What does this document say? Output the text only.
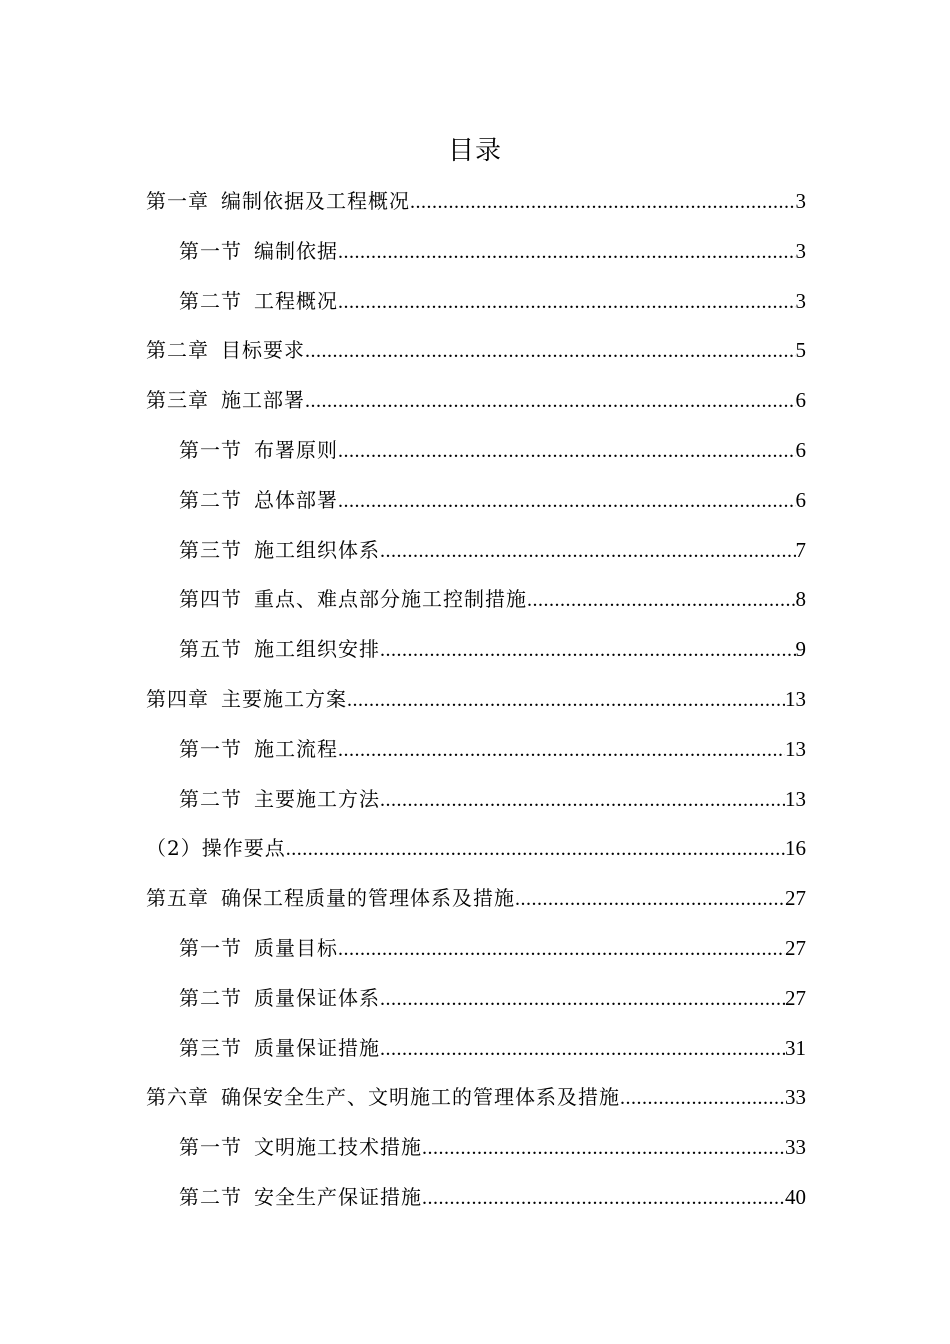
目录
第一章 编制依据及工程概况 .....	3
第一节 编制依据 .....	3
第二节 工程概况 .....	3
第二章 目标要求 .....	5
第三章 施工部署 .....	6
第一节 布署原则 .....	6
第二节 总体部署 .....	6
第三节 施工组织体系 .....	7
第四节 重点、难点部分施工控制措施 .....	8
第五节 施工组织安排 .....	9
第四章 主要施工方案 .....	13
第一节 施工流程 .....	13
第二节 主要施工方法 .....	13
（2）操作要点 .....	16
第五章 确保工程质量的管理体系及措施 .....	27
第一节 质量目标 .....	27
第二节 质量保证体系 .....	27
第三节 质量保证措施 .....	31
第六章 确保安全生产、文明施工的管理体系及措施 .....	33
第一节 文明施工技术措施 .....	33
第二节 安全生产保证措施 .....	40
